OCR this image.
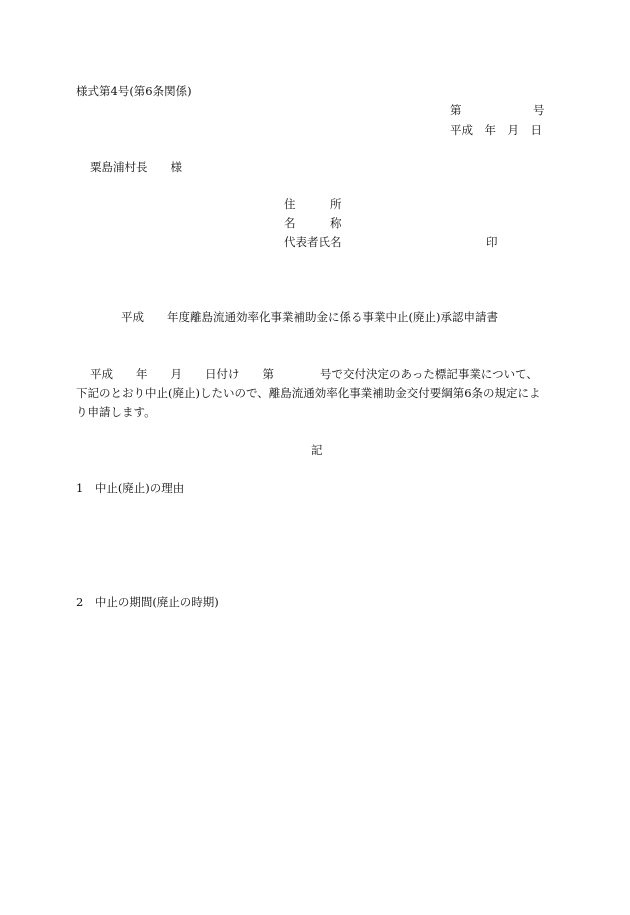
様式第4号(第6条関係)
第	号
平成　年　月　日
粟島浦村長　　様
住　　　所
名　　　称
代表者氏名	印
平成　　年度離島流通効率化事業補助金に係る事業中止(廃止)承認申請書
平成　　年　　月　　日付け　　第　　　　号で交付決定のあった標記事業について、
下記のとおり中止(廃止)したいので、離島流通効率化事業補助金交付要綱第6条の規定によ
り申請します。
記
1　中止(廃止)の理由
2　中止の期間(廃止の時期)
